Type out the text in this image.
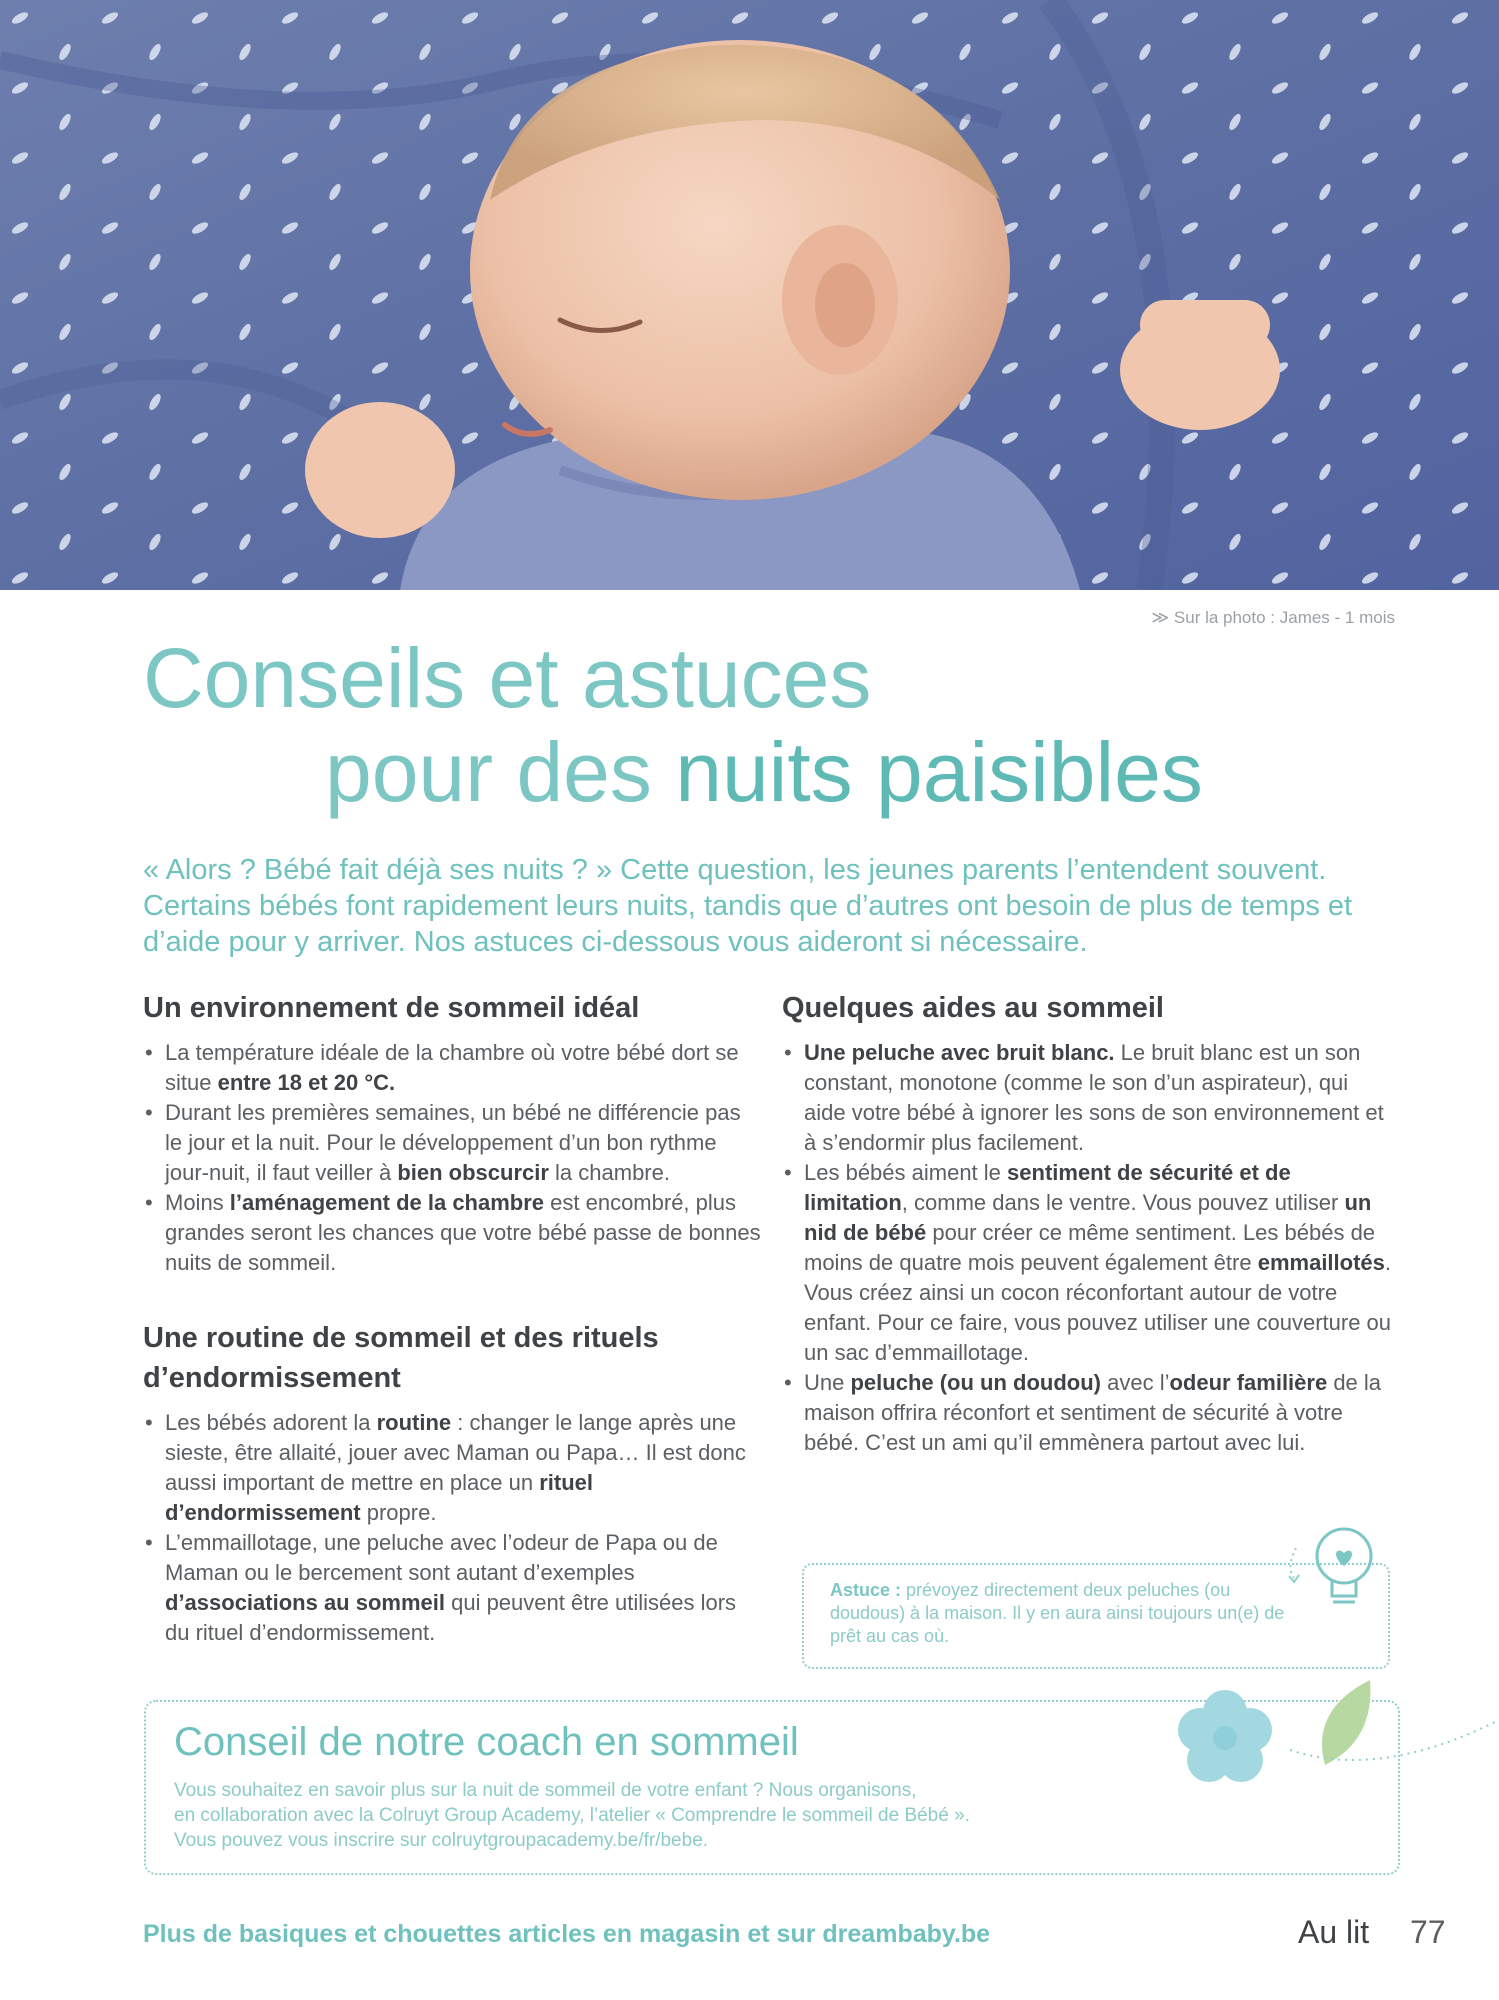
≫ Sur la photo : James - 1 mois
Conseils et astuces
pour des nuits paisibles
« Alors ? Bébé fait déjà ses nuits ? » Cette question, les jeunes parents l’entendent souvent. Certains bébés font rapidement leurs nuits, tandis que d’autres ont besoin de plus de temps et d’aide pour y arriver. Nos astuces ci-dessous vous aideront si nécessaire.
Un environnement de sommeil idéal
• La température idéale de la chambre où votre bébé dort se situe entre 18 et 20 °C.
• Durant les premières semaines, un bébé ne différencie pas le jour et la nuit. Pour le développement d’un bon rythme jour-nuit, il faut veiller à bien obscurcir la chambre.
• Moins l’aménagement de la chambre est encombré, plus grandes seront les chances que votre bébé passe de bonnes nuits de sommeil.
Une routine de sommeil et des rituels d’endormissement
• Les bébés adorent la routine : changer le lange après une sieste, être allaité, jouer avec Maman ou Papa… Il est donc aussi important de mettre en place un rituel d’endormissement propre.
• L’emmaillotage, une peluche avec l’odeur de Papa ou de Maman ou le bercement sont autant d’exemples d’associations au sommeil qui peuvent être utilisées lors du rituel d’endormissement.
Quelques aides au sommeil
• Une peluche avec bruit blanc. Le bruit blanc est un son constant, monotone (comme le son d’un aspirateur), qui aide votre bébé à ignorer les sons de son environnement et à s’endormir plus facilement.
• Les bébés aiment le sentiment de sécurité et de limitation, comme dans le ventre. Vous pouvez utiliser un nid de bébé pour créer ce même sentiment. Les bébés de moins de quatre mois peuvent également être emmaillotés. Vous créez ainsi un cocon réconfortant autour de votre enfant. Pour ce faire, vous pouvez utiliser une couverture ou un sac d’emmaillotage.
• Une peluche (ou un doudou) avec l’odeur familière de la maison offrira réconfort et sentiment de sécurité à votre bébé. C’est un ami qu’il emmènera partout avec lui.
Astuce : prévoyez directement deux peluches (ou doudous) à la maison. Il y en aura ainsi toujours un(e) de prêt au cas où.
Conseil de notre coach en sommeil
Vous souhaitez en savoir plus sur la nuit de sommeil de votre enfant ? Nous organisons,
en collaboration avec la Colruyt Group Academy, l’atelier « Comprendre le sommeil de Bébé ».
Vous pouvez vous inscrire sur colruytgroupacademy.be/fr/bebe.
Plus de basiques et chouettes articles en magasin et sur dreambaby.be	Au lit 77
